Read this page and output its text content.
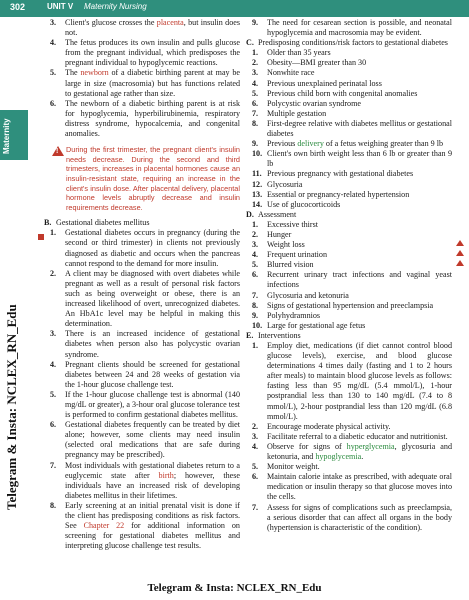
302	UNIT V Maternity Nursing
Maternity
Telegram & Insta: NCLEX_RN_Edu

3. Client's glucose crosses the placenta, but insulin does not.

4. The fetus produces its own insulin and pulls glucose from the pregnant individual, which predisposes the pregnant individual to hypoglycemic reactions.

5. The newborn of a diabetic birthing parent at may be large in size (macrosomia) but has functions related to gestational age rather than size.

6. The newborn of a diabetic birthing parent is at risk for hypoglycemia, hyperbilirubinemia, respiratory distress syndrome, hypocalcemia, and congenital anomalies.

!
During the first trimester, the pregnant client's insulin needs decrease. During the second and third trimesters, increases in placental hormones cause an insulin-resistant state, requiring an increase in the client's insulin dose. After placental delivery, placental hormone levels abruptly decrease and insulin requirements decrease.
B. Gestational diabetes mellitus

1. Gestational diabetes occurs in pregnancy (during the second or third trimester) in clients not previously diagnosed as diabetic and occurs when the pancreas cannot respond to the demand for more insulin.

2. A client may be diagnosed with overt diabetes while pregnant as well as a result of personal risk factors such as being overweight or obese, there is an increased likelihood of overt, unrecognized diabetes. An HbA1c level may be helpful in making this determination.

3. There is an increased incidence of gestational diabetes when person also has polycystic ovarian syndrome.

4. Pregnant clients should be screened for gestational diabetes between 24 and 28 weeks of gestation via the 1-hour glucose challenge test.

5. If the 1-hour glucose challenge test is abnormal (140 mg/dL or greater), a 3-hour oral glucose tolerance test is performed to confirm gestational diabetes mellitus.

6. Gestational diabetes frequently can be treated by diet alone; however, some clients may need insulin (selected oral medications that are safe during pregnancy may be prescribed).

7. Most individuals with gestational diabetes return to a euglycemic state after birth; however, these individuals have an increased risk of developing diabetes mellitus in their lifetimes.

8. Early screening at an initial prenatal visit is done if the client has predisposing conditions as risk factors. See Chapter 22 for additional information on screening for gestational diabetes mellitus and interpreting glucose challenge test results.

9. The need for cesarean section is possible, and neonatal hypoglycemia and macrosomia may be evident.

C. Predisposing conditions/risk factors to gestational diabetes

1. Older than 35 years

2. Obesity—BMI greater than 30

3. Nonwhite race

4. Previous unexplained perinatal loss

5. Previous child born with congenital anomalies

6. Polycystic ovarian syndrome

7. Multiple gestation

8. First-degree relative with diabetes mellitus or gestational diabetes

9. Previous delivery of a fetus weighing greater than 9 lb

10. Client's own birth weight less than 6 lb or greater than 9 lb

11. Previous pregnancy with gestational diabetes

12. Glycosuria

13. Essential or pregnancy-related hypertension

14. Use of glucocorticoids

D. Assessment

1. Excessive thirst

2. Hunger

3. Weight loss

4. Frequent urination

5. Blurred vision

6. Recurrent urinary tract infections and vaginal yeast infections

7. Glycosuria and ketonuria

8. Signs of gestational hypertension and preeclampsia

9. Polyhydramnios

10. Large for gestational age fetus

E. Interventions

1. Employ diet, medications (if diet cannot control blood glucose levels), exercise, and blood glucose determinations 4 times daily (fasting and 1 to 2 hours after meals) to maintain blood glucose levels as follows: fasting less than 95 mg/dL (5.4 mmol/L), 1-hour postprandial less than 130 to 140 mg/dL (7.4 to 8 mmol/L), 2-hour postprandial less than 120 mg/dL (6.8 mmol/L).

2. Encourage moderate physical activity.

3. Facilitate referral to a diabetic educator and nutritionist.

4. Observe for signs of hyperglycemia, glycosuria and ketonuria, and hypoglycemia.

5. Monitor weight.

6. Maintain calorie intake as prescribed, with adequate oral medication or insulin therapy so that glucose moves into the cells.

7. Assess for signs of complications such as preeclampsia, a serious disorder that can affect all organs in the body (hypertension is characteristic of the condition).

Telegram & Insta: NCLEX_RN_Edu
